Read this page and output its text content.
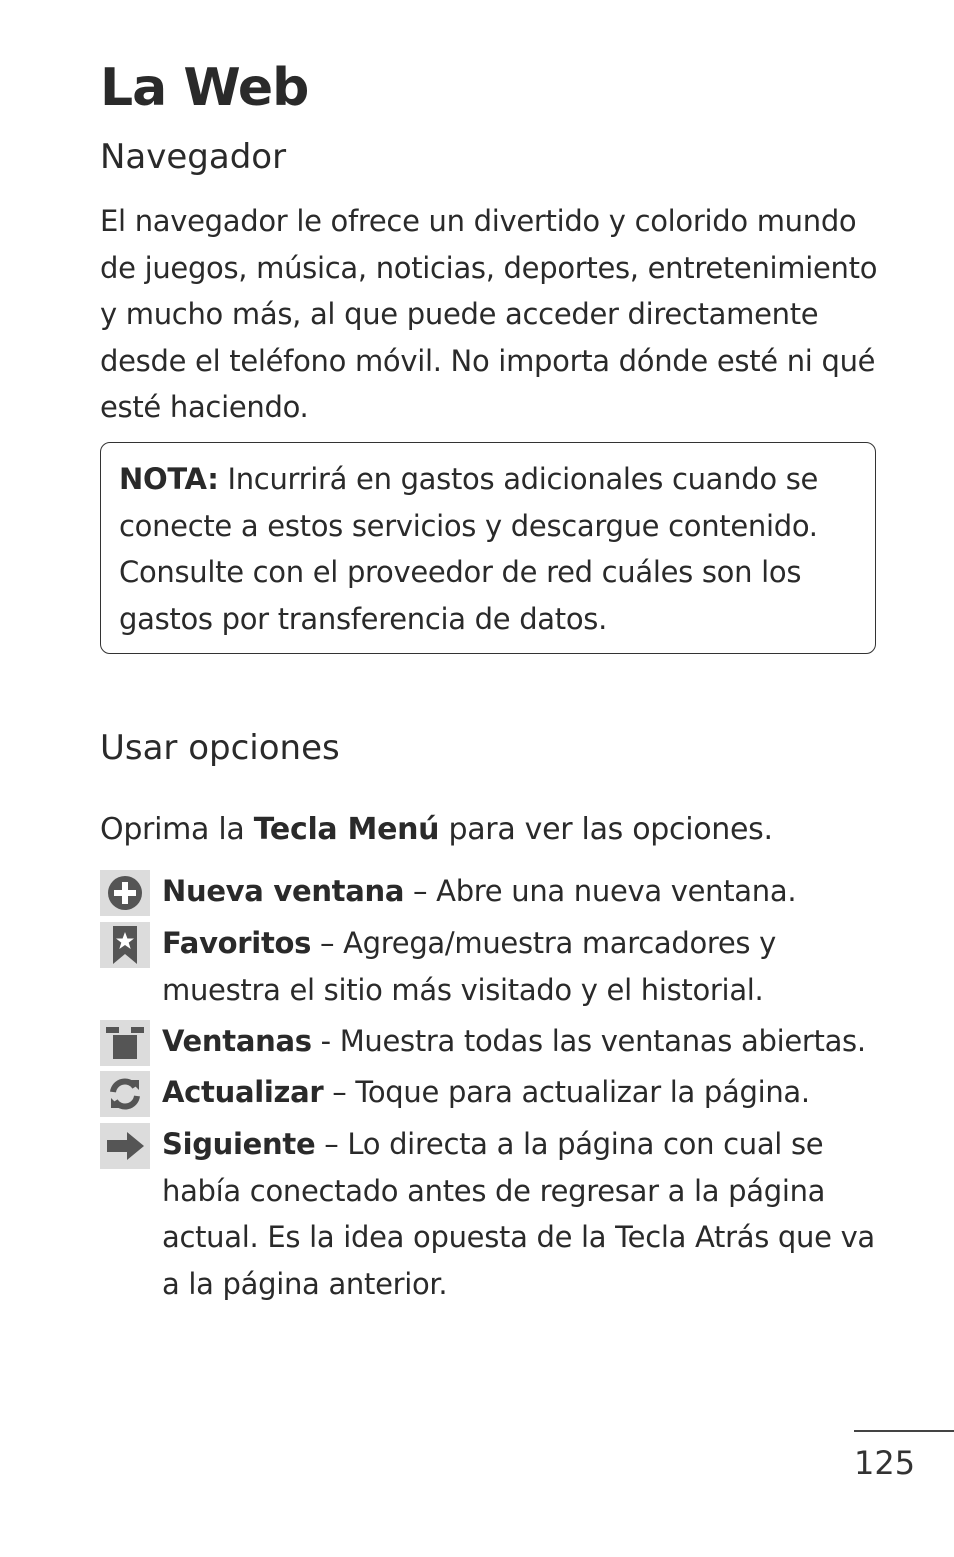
La Web
Navegador

El navegador le ofrece un divertido y colorido mundo de juegos, música, noticias, deportes, entretenimiento y mucho más, al que puede acceder directamente desde el teléfono móvil. No importa dónde esté ni qué esté haciendo.

NOTA: Incurrirá en gastos adicionales cuando se conecte a estos servicios y descargue contenido. Consulte con el proveedor de red cuáles son los gastos por transferencia de datos.

Usar opciones

Oprima la Tecla Menú para ver las opciones.

Nueva ventana – Abre una nueva ventana.
Favoritos – Agrega/muestra marcadores y muestra el sitio más visitado y el historial.
Ventanas - Muestra todas las ventanas abiertas.
Actualizar – Toque para actualizar la página.
Siguiente – Lo directa a la página con cual se había conectado antes de regresar a la página actual. Es la idea opuesta de la Tecla Atrás que va a la página anterior.
125
